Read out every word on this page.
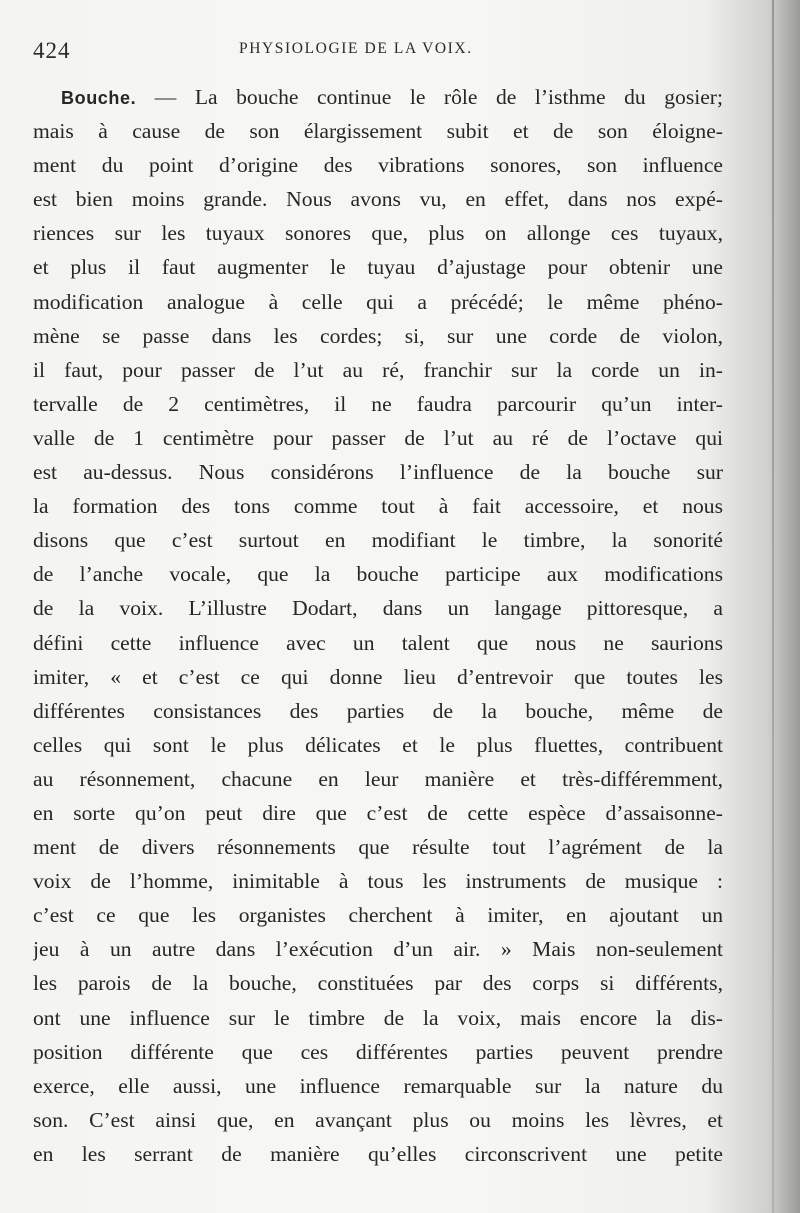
424	PHYSIOLOGIE DE LA VOIX.
Bouche. — La bouche continue le rôle de l’isthme du gosier;
mais à cause de son élargissement subit et de son éloigne-
ment du point d’origine des vibrations sonores, son influence
est bien moins grande. Nous avons vu, en effet, dans nos expé-
riences sur les tuyaux sonores que, plus on allonge ces tuyaux,
et plus il faut augmenter le tuyau d’ajustage pour obtenir une
modification analogue à celle qui a précédé; le même phéno-
mène se passe dans les cordes; si, sur une corde de violon,
il faut, pour passer de l’ut au ré, franchir sur la corde un in-
tervalle de 2 centimètres, il ne faudra parcourir qu’un inter-
valle de 1 centimètre pour passer de l’ut au ré de l’octave qui
est au-dessus. Nous considérons l’influence de la bouche sur
la formation des tons comme tout à fait accessoire, et nous
disons que c’est surtout en modifiant le timbre, la sonorité
de l’anche vocale, que la bouche participe aux modifications
de la voix. L’illustre Dodart, dans un langage pittoresque, a
défini cette influence avec un talent que nous ne saurions
imiter, « et c’est ce qui donne lieu d’entrevoir que toutes les
différentes consistances des parties de la bouche, même de
celles qui sont le plus délicates et le plus fluettes, contribuent
au résonnement, chacune en leur manière et très-différemment,
en sorte qu’on peut dire que c’est de cette espèce d’assaisonne-
ment de divers résonnements que résulte tout l’agrément de la
voix de l’homme, inimitable à tous les instruments de musique :
c’est ce que les organistes cherchent à imiter, en ajoutant un
jeu à un autre dans l’exécution d’un air. » Mais non-seulement
les parois de la bouche, constituées par des corps si différents,
ont une influence sur le timbre de la voix, mais encore la dis-
position différente que ces différentes parties peuvent prendre
exerce, elle aussi, une influence remarquable sur la nature du
son. C’est ainsi que, en avançant plus ou moins les lèvres, et
en les serrant de manière qu’elles circonscrivent une petite
